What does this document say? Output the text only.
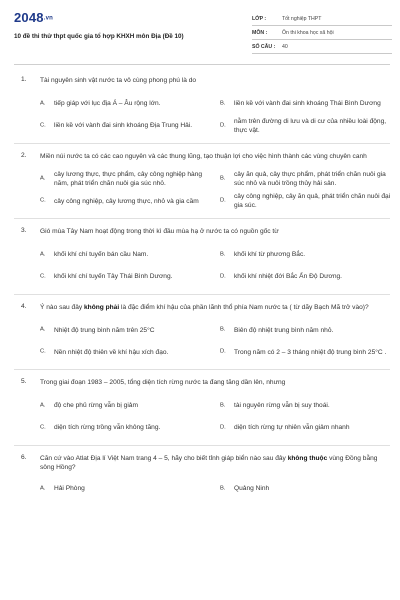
2048.vn
10 đề thi thử thpt quốc gia tổ hợp KHXH môn Địa (Đề 10)
LỚP :	Tốt nghiệp THPT
MÔN :	Ôn thi khoa học xã hội
SỐ CÂU :	40
1. Tài nguyên sinh vật nước ta vô cùng phong phú là do
A. tiếp giáp với lục địa Á – Âu rộng lớn.	B. liền kề với vành đai sinh khoáng Thái Bình Dương
C. liền kề với vành đai sinh khoáng Địa Trung Hải.	D.
nằm trên đường di lưu và di cư của nhiều loài động, thực vật.
2. Miền núi nước ta có các cao nguyên và các thung lũng, tạo thuận lợi cho việc hình thành các vùng chuyên canh
A.
cây lương thực, thực phẩm, cây công nghiệp hàng năm, phát triển chăn nuôi gia súc nhỏ.
B.
cây ăn quả, cây thực phẩm, phát triển chăn nuôi gia súc nhỏ và nuôi trồng thủy hải sản.
C. cây công nghiệp, cây lương thực, nhỏ và gia cầm	D.
cây công nghiệp, cây ăn quả, phát triển chăn nuôi đại gia súc.
3. Gió mùa Tây Nam hoạt động trong thời kì đầu mùa hạ ở nước ta có nguồn gốc từ
A. khối khí chí tuyến bán cầu Nam.	B. khối khí từ phương Bắc.
C. khối khí chí tuyến Tây Thái Bình Dương.	D. khối khí nhiệt đới Bắc Ấn Độ Dương.
4. Ý nào sau đây không phải là đặc điểm khí hậu của phần lãnh thổ phía Nam nước ta ( từ dãy Bạch Mã trở vào)?
A. Nhiệt độ trung bình năm trên 25°C	B. Biên độ nhiệt trung bình năm nhỏ.
C. Nền nhiệt độ thiên về khí hậu xích đạo.	D. Trong năm có 2 – 3 tháng nhiệt độ trung bình 25°C .
5. Trong giai đoạn 1983 – 2005, tổng diện tích rừng nước ta đang tăng dần lên, nhưng
A. độ che phủ rừng vẫn bị giảm	B. tài nguyên rừng vẫn bị suy thoái.
C. diện tích rừng trồng vẫn không tăng.	D. diện tích rừng tự nhiên vẫn giảm nhanh
6. Căn cứ vào Atlat Địa lí Việt Nam trang 4 – 5, hãy cho biết tỉnh giáp biển nào sau đây không thuộc vùng Đồng bằng sông Hồng?
A. Hải Phòng	B. Quảng Ninh
